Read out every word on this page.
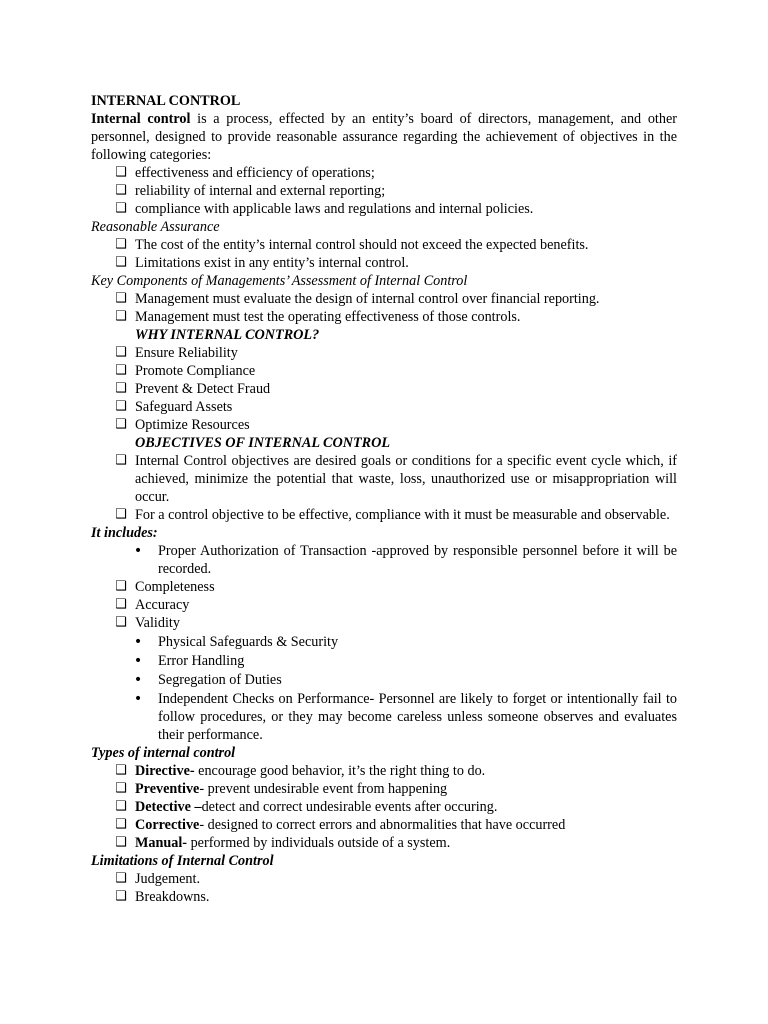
INTERNAL CONTROL
Internal control is a process, effected by an entity’s board of directors, management, and other personnel, designed to provide reasonable assurance regarding the achievement of objectives in the following categories:
❑ effectiveness and efficiency of operations;
❑ reliability of internal and external reporting;
❑ compliance with applicable laws and regulations and internal policies.
Reasonable Assurance
❑ The cost of the entity’s internal control should not exceed the expected benefits.
❑ Limitations exist in any entity’s internal control.
Key Components of Managements’ Assessment of Internal Control
❑ Management must evaluate the design of internal control over financial reporting.
❑ Management must test the operating effectiveness of those controls.
WHY INTERNAL CONTROL?
❑ Ensure Reliability
❑ Promote Compliance
❑ Prevent & Detect Fraud
❑ Safeguard Assets
❑ Optimize Resources
OBJECTIVES OF INTERNAL CONTROL
❑ Internal Control objectives are desired goals or conditions for a specific event cycle which, if achieved, minimize the potential that waste, loss, unauthorized use or misappropriation will occur.
❑ For a control objective to be effective, compliance with it must be measurable and observable.
It includes:
• Proper Authorization of Transaction -approved by responsible personnel before it will be recorded.
❑ Completeness
❑ Accuracy
❑ Validity
• Physical Safeguards & Security
• Error Handling
• Segregation of Duties
• Independent Checks on Performance- Personnel are likely to forget or intentionally fail to follow procedures, or they may become careless unless someone observes and evaluates their performance.
Types of internal control
❑ Directive- encourage good behavior, it’s the right thing to do.
❑ Preventive- prevent undesirable event from happening
❑ Detective –detect and correct undesirable events after occuring.
❑ Corrective- designed to correct errors and abnormalities that have occurred
❑ Manual- performed by individuals outside of a system.
Limitations of Internal Control
❑ Judgement.
❑ Breakdowns.
